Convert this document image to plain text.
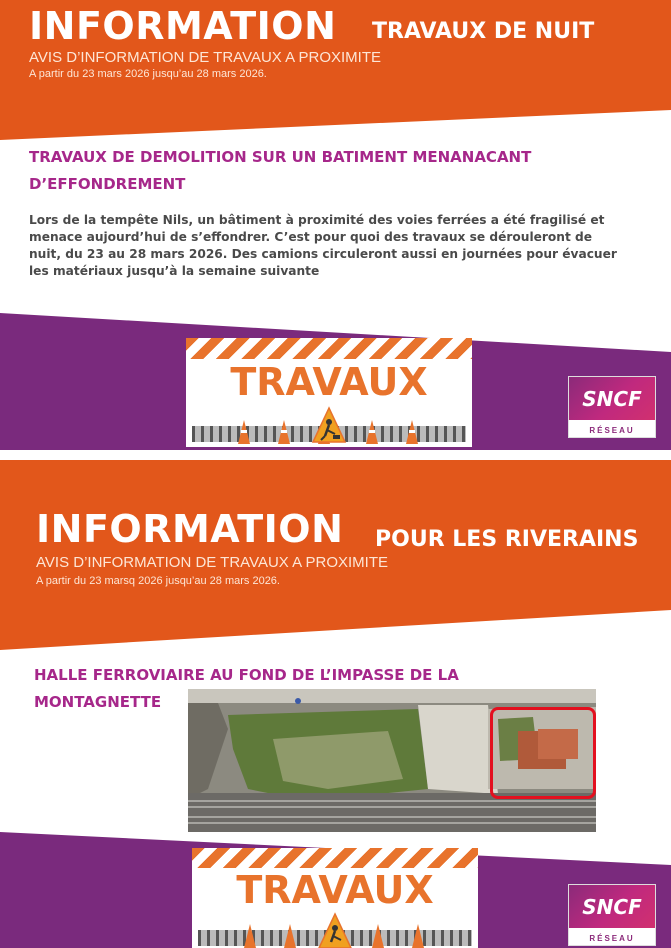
INFORMATION TRAVAUX DE NUIT
AVIS D’INFORMATION DE TRAVAUX A PROXIMITE
A partir du 23 mars 2026 jusqu’au 28 mars 2026.
TRAVAUX DE DEMOLITION SUR UN BATIMENT MENANACANT
D’EFFONDREMENT
Lors de la tempête Nils, un bâtiment à proximité des voies ferrées a été fragilisé et
menace aujourd’hui de s’effondrer. C’est pour quoi des travaux se dérouleront de
nuit, du 23 au 28 mars 2026. Des camions circuleront aussi en journées pour évacuer
les matériaux jusqu’à la semaine suivante
TRAVAUX	SNCF
RÉSEAU
INFORMATION POUR LES RIVERAINS
AVIS D’INFORMATION DE TRAVAUX A PROXIMITE
A partir du 23 marsq 2026 jusqu’au 28 mars 2026.
HALLE FERROVIAIRE AU FOND DE L’IMPASSE DE LA
MONTAGNETTE
TRAVAUX	SNCF
RÉSEAU
